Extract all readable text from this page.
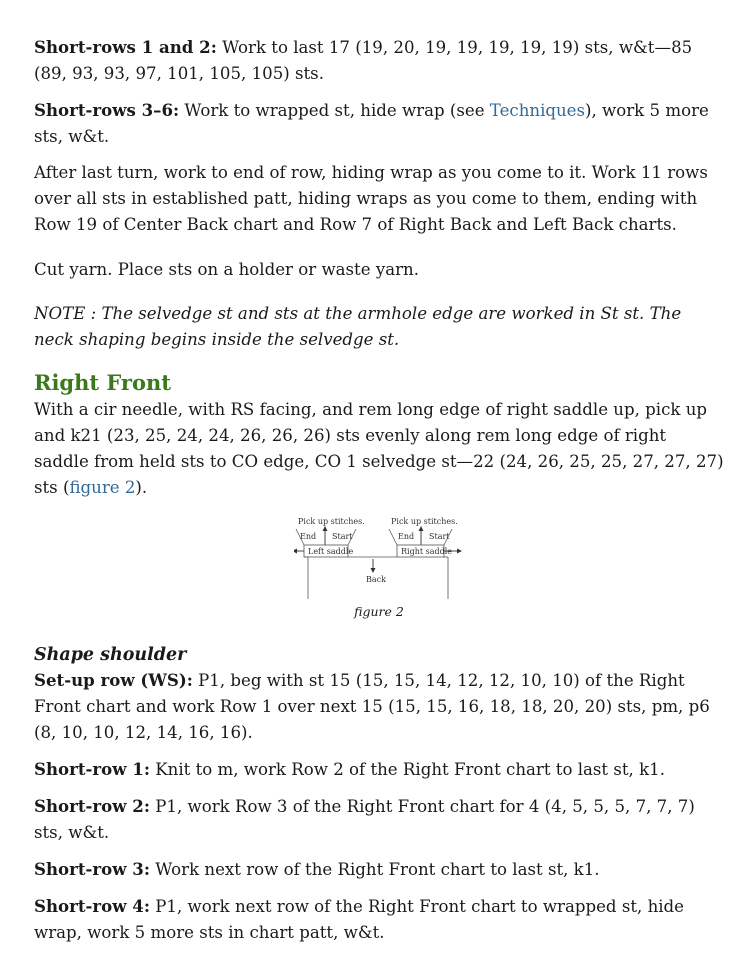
Short-rows 1 and 2: Work to last 17 (19, 20, 19, 19, 19, 19, 19) sts, w&t—85 (89, 93, 93, 97, 101, 105, 105) sts.

Short-rows 3–6: Work to wrapped st, hide wrap (see Techniques), work 5 more sts, w&t.

After last turn, work to end of row, hiding wrap as you come to it. Work 11 rows over all sts in established patt, hiding wraps as you come to them, ending with Row 19 of Center Back chart and Row 7 of Right Back and Left Back charts.

Cut yarn. Place sts on a holder or waste yarn.

NOTE : The selvedge st and sts at the armhole edge are worked in St st. The neck shaping begins inside the selvedge st.

Right Front

With a cir needle, with RS facing, and rem long edge of right saddle up, pick up and k21 (23, 25, 24, 24, 26, 26, 26) sts evenly along rem long edge of right saddle from held sts to CO edge, CO 1 selvedge st—22 (24, 26, 25, 25, 27, 27, 27) sts (figure 2).

Pick up stitches.	Pick up stitches.
End Start	End Start
Left saddle	Right saddle
Back
figure 2
Shape shoulder

Set-up row (WS): P1, beg with st 15 (15, 15, 14, 12, 12, 10, 10) of the Right Front chart and work Row 1 over next 15 (15, 15, 16, 18, 18, 20, 20) sts, pm, p6 (8, 10, 10, 12, 14, 16, 16).

Short-row 1: Knit to m, work Row 2 of the Right Front chart to last st, k1.

Short-row 2: P1, work Row 3 of the Right Front chart for 4 (4, 5, 5, 5, 7, 7, 7) sts, w&t.

Short-row 3: Work next row of the Right Front chart to last st, k1.

Short-row 4: P1, work next row of the Right Front chart to wrapped st, hide wrap, work 5 more sts in chart patt, w&t.
